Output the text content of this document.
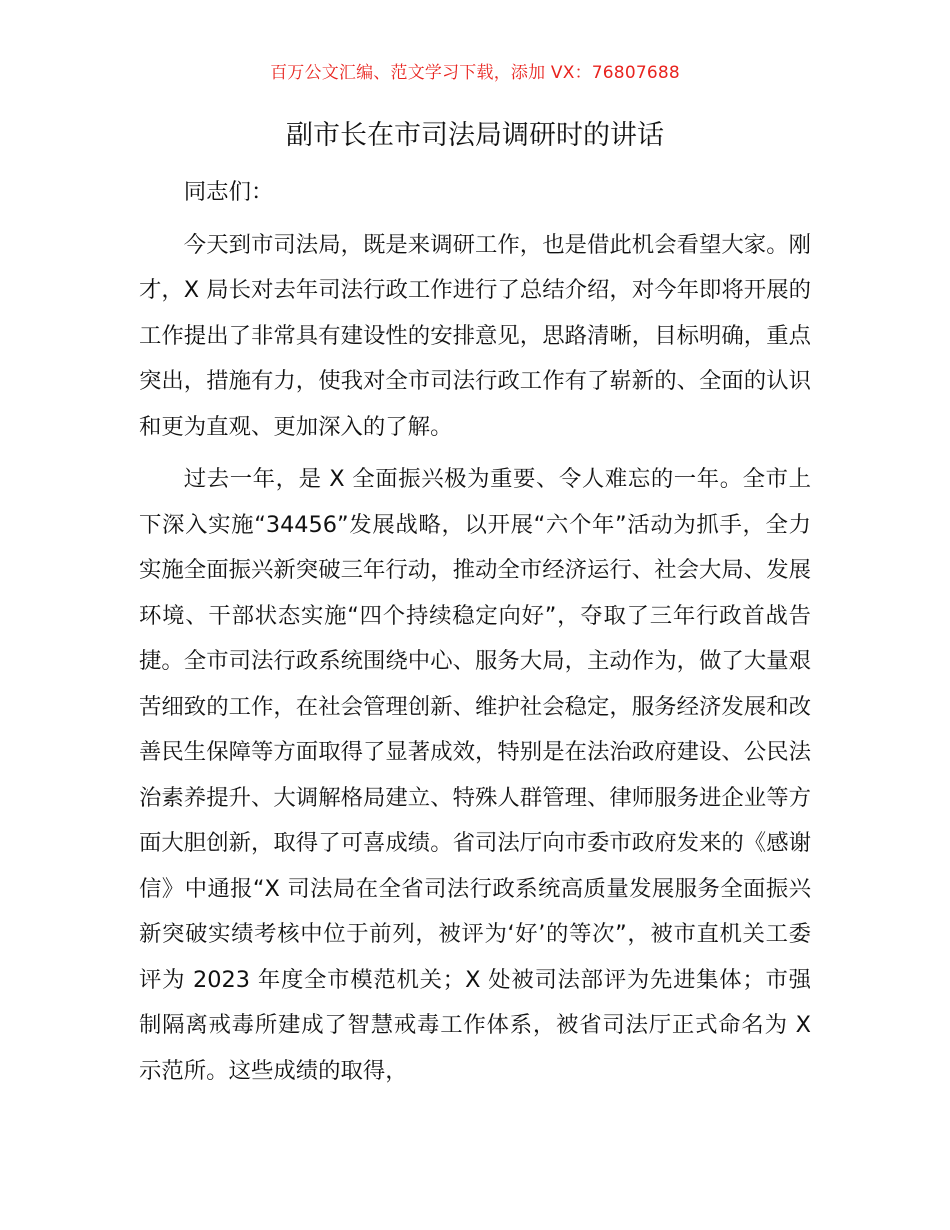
百万公文汇编、范文学习下载，添加 VX：76807688
副市长在市司法局调研时的讲话

同志们：

今天到市司法局，既是来调研工作，也是借此机会看望大家。刚才，X 局长对去年司法行政工作进行了总结介绍，对今年即将开展的工作提出了非常具有建设性的安排意见，思路清晰，目标明确，重点突出，措施有力，使我对全市司法行政工作有了崭新的、全面的认识和更为直观、更加深入的了解。

过去一年，是 X 全面振兴极为重要、令人难忘的一年。全市上下深入实施“34456”发展战略，以开展“六个年”活动为抓手，全力实施全面振兴新突破三年行动，推动全市经济运行、社会大局、发展环境、干部状态实施“四个持续稳定向好”，夺取了三年行政首战告捷。全市司法行政系统围绕中心、服务大局，主动作为，做了大量艰苦细致的工作，在社会管理创新、维护社会稳定，服务经济发展和改善民生保障等方面取得了显著成效，特别是在法治政府建设、公民法治素养提升、大调解格局建立、特殊人群管理、律师服务进企业等方面大胆创新，取得了可喜成绩。省司法厅向市委市政府发来的《感谢信》中通报“X 司法局在全省司法行政系统高质量发展服务全面振兴新突破实绩考核中位于前列，被评为‘好’的等次”，被市直机关工委评为 2023 年度全市模范机关；X 处被司法部评为先进集体；市强制隔离戒毒所建成了智慧戒毒工作体系，被省司法厅正式命名为 X 示范所。这些成绩的取得，
